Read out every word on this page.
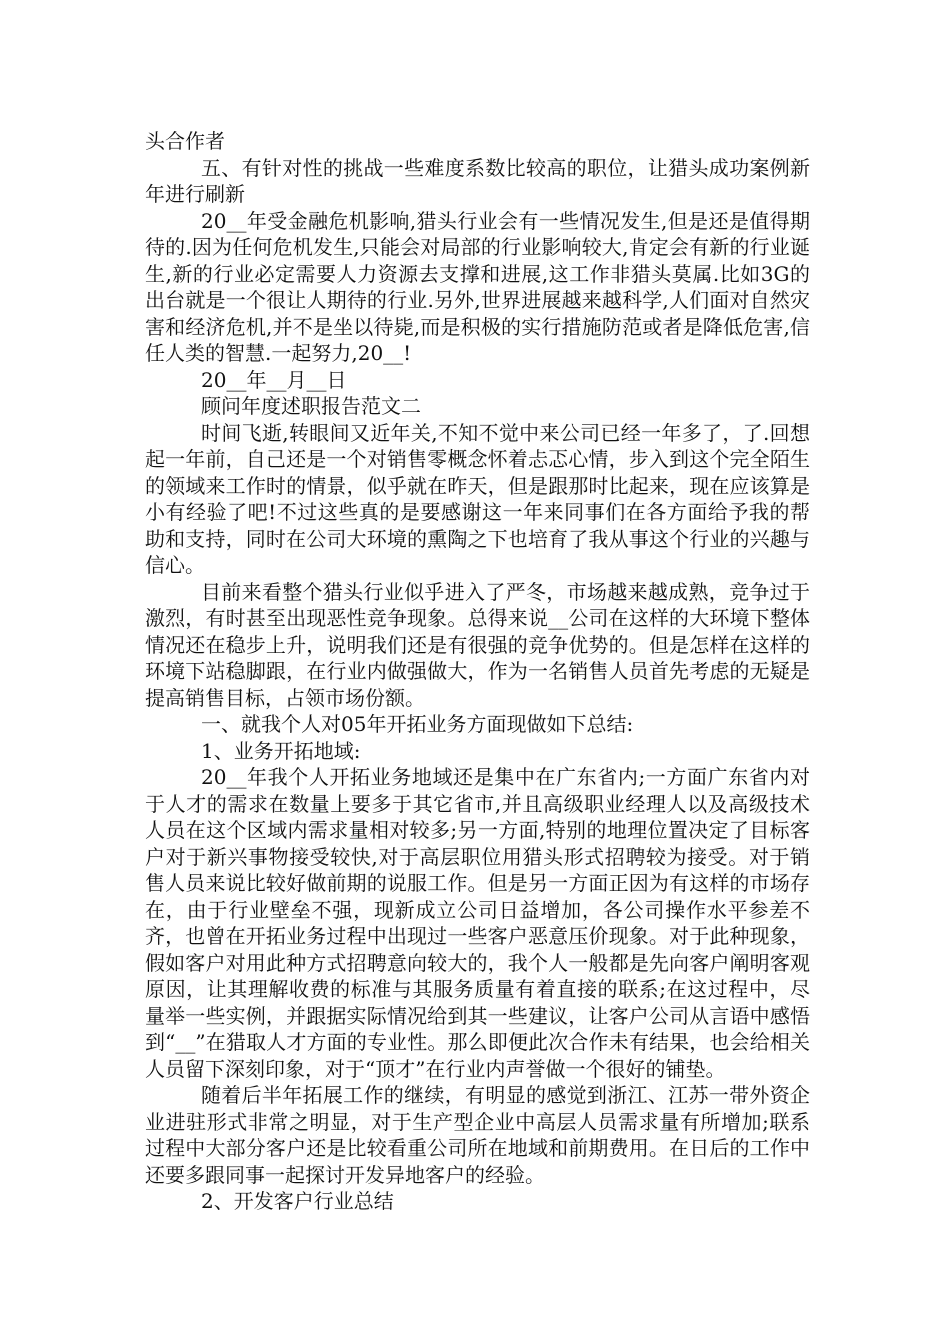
头合作者

五、有针对性的挑战一些难度系数比较高的职位，让猎头成功案例新年进行刷新

20__年受金融危机影响,猎头行业会有一些情况发生,但是还是值得期待的.因为任何危机发生,只能会对局部的行业影响较大,肯定会有新的行业诞生,新的行业必定需要人力资源去支撑和进展,这工作非猎头莫属.比如3G的出台就是一个很让人期待的行业.另外,世界进展越来越科学,人们面对自然灾害和经济危机,并不是坐以待毙,而是积极的实行措施防范或者是降低危害,信任人类的智慧.一起努力,20__!

20__年__月__日

顾问年度述职报告范文二

时间飞逝,转眼间又近年关,不知不觉中来公司已经一年多了，了.回想起一年前，自己还是一个对销售零概念怀着忐忑心情，步入到这个完全陌生的领域来工作时的情景，似乎就在昨天，但是跟那时比起来，现在应该算是小有经验了吧!不过这些真的是要感谢这一年来同事们在各方面给予我的帮助和支持，同时在公司大环境的熏陶之下也培育了我从事这个行业的兴趣与信心。

目前来看整个猎头行业似乎进入了严冬，市场越来越成熟，竞争过于激烈，有时甚至出现恶性竞争现象。总得来说__公司在这样的大环境下整体情况还在稳步上升，说明我们还是有很强的竞争优势的。但是怎样在这样的环境下站稳脚跟，在行业内做强做大，作为一名销售人员首先考虑的无疑是提高销售目标，占领市场份额。

一、就我个人对05年开拓业务方面现做如下总结:

1、业务开拓地域:

20__年我个人开拓业务地域还是集中在广东省内;一方面广东省内对于人才的需求在数量上要多于其它省市,并且高级职业经理人以及高级技术人员在这个区域内需求量相对较多;另一方面,特别的地理位置决定了目标客户对于新兴事物接受较快,对于高层职位用猎头形式招聘较为接受。对于销售人员来说比较好做前期的说服工作。但是另一方面正因为有这样的市场存在，由于行业壁垒不强，现新成立公司日益增加，各公司操作水平参差不齐，也曾在开拓业务过程中出现过一些客户恶意压价现象。对于此种现象，假如客户对用此种方式招聘意向较大的，我个人一般都是先向客户阐明客观原因，让其理解收费的标准与其服务质量有着直接的联系;在这过程中，尽量举一些实例，并跟据实际情况给到其一些建议，让客户公司从言语中感悟到“__”在猎取人才方面的专业性。那么即便此次合作未有结果，也会给相关人员留下深刻印象，对于“顶才”在行业内声誉做一个很好的铺垫。

随着后半年拓展工作的继续，有明显的感觉到浙江、江苏一带外资企业进驻形式非常之明显，对于生产型企业中高层人员需求量有所增加;联系过程中大部分客户还是比较看重公司所在地域和前期费用。在日后的工作中还要多跟同事一起探讨开发异地客户的经验。

2、开发客户行业总结
